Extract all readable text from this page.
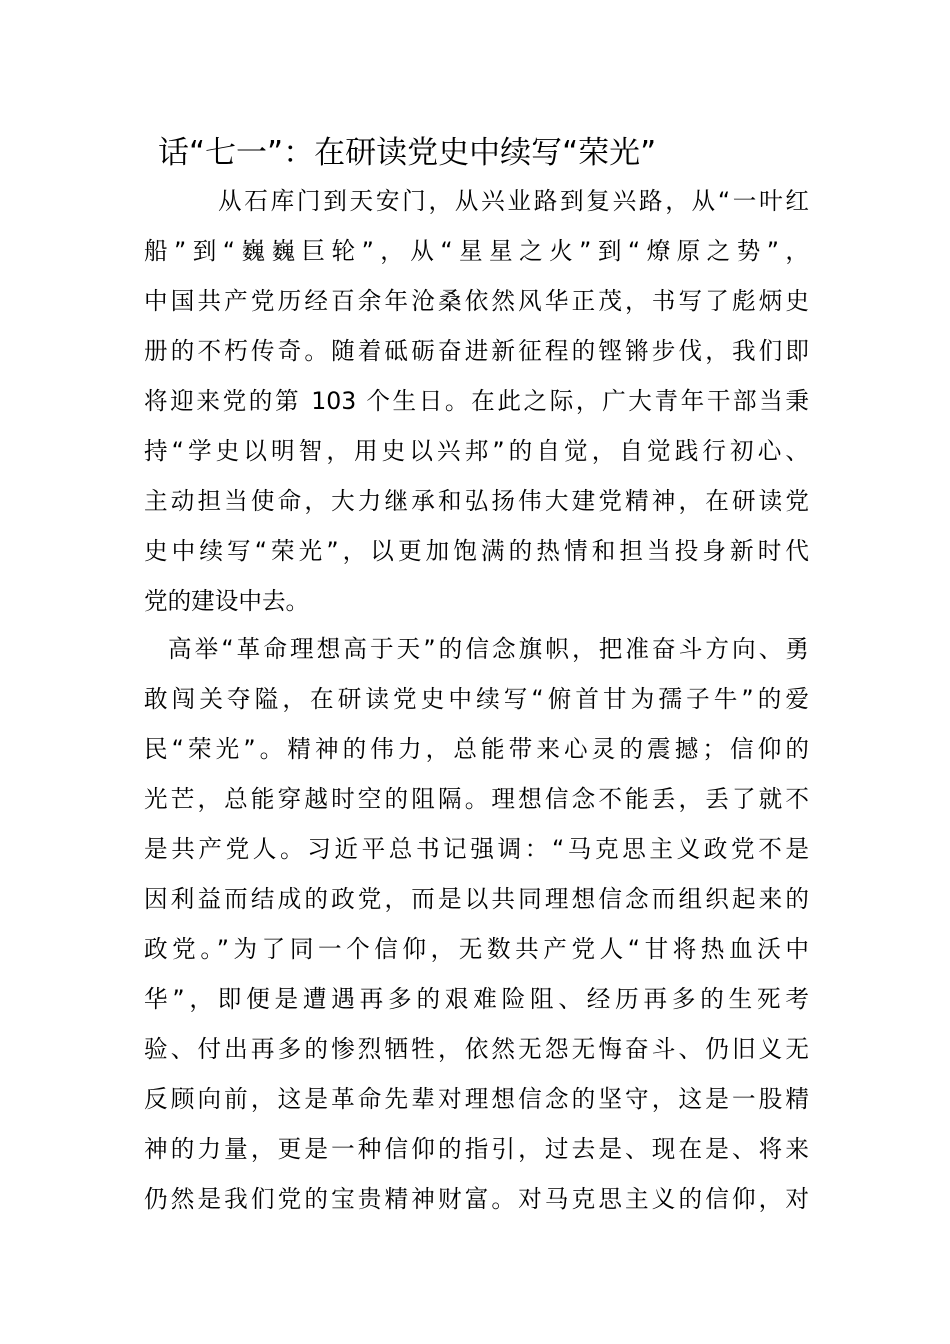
话“七一”：在研读党史中续写“荣光”
从石库门到天安门，从兴业路到复兴路，从“一叶红
船”到“巍巍巨轮”，从“星星之火”到“燎原之势”，
中国共产党历经百余年沧桑依然风华正茂，书写了彪炳史
册的不朽传奇。随着砥砺奋进新征程的铿锵步伐，我们即
将迎来党的第 103 个生日。在此之际，广大青年干部当秉
持“学史以明智，用史以兴邦”的自觉，自觉践行初心、
主动担当使命，大力继承和弘扬伟大建党精神，在研读党
史中续写“荣光”，以更加饱满的热情和担当投身新时代
党的建设中去。
高举“革命理想高于天”的信念旗帜，把准奋斗方向、勇
敢闯关夺隘，在研读党史中续写“俯首甘为孺子牛”的爱
民“荣光”。精神的伟力，总能带来心灵的震撼；信仰的
光芒，总能穿越时空的阻隔。理想信念不能丢，丢了就不
是共产党人。习近平总书记强调：“马克思主义政党不是
因利益而结成的政党，而是以共同理想信念而组织起来的
政党。”为了同一个信仰，无数共产党人“甘将热血沃中
华”，即便是遭遇再多的艰难险阻、经历再多的生死考
验、付出再多的惨烈牺牲，依然无怨无悔奋斗、仍旧义无
反顾向前，这是革命先辈对理想信念的坚守，这是一股精
神的力量，更是一种信仰的指引，过去是、现在是、将来
仍然是我们党的宝贵精神财富。对马克思主义的信仰，对
